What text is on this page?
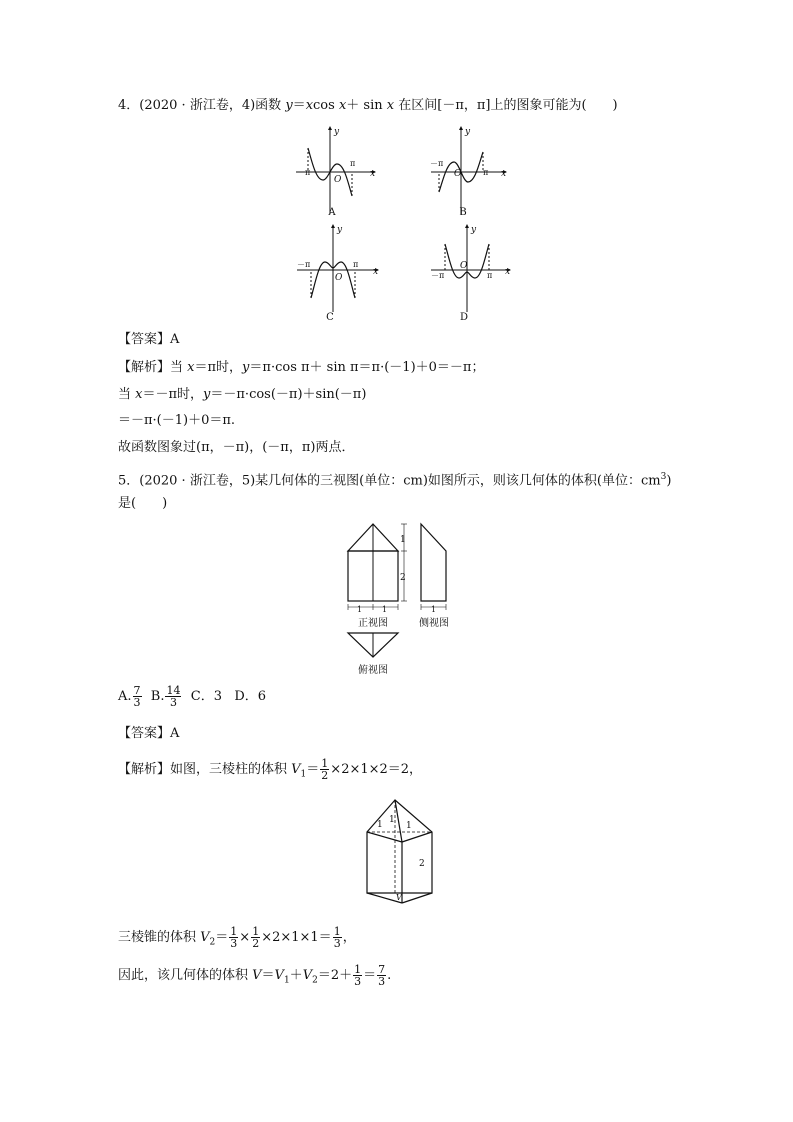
4．(2020 · 浙江卷，4)函数 y＝xcos x＋ sin x 在区间[－π，π]上的图象可能为(　　)
y
x
O
－π
π
y
x
O
－π
π
y
x
O
－π	π
y
x
O
－π	π
A	B
C	D
【答案】A
【解析】当 x＝π时，y＝π·cos π＋ sin π＝π·(－1)＋0＝－π；
当 x＝－π时，y＝－π·cos(－π)＋sin(－π)
＝－π·(－1)＋0＝π.
故函数图象过(π，－π)，(－π，π)两点．
5．(2020 · 浙江卷，5)某几何体的三视图(单位：cm)如图所示，则该几何体的体积(单位：$cm^3$)
是(　　)
1
2
1 1	1
正视图	侧视图
俯视图
A. $\frac{7}{3} B$. $\frac{14}{3}$ C．3 D．6
【答案】A
【解析】如图，三棱柱的体积 $V_1= \frac{1}{2} \times 2\times 1\times 2=2$，
1 1
1
2
V
三棱锥的体积 $V_2= \frac{1}{3} \times \frac{1}{2} \times 2\times 1\times 1= \frac{1}{3}$ ，
因此，该几何体的体积 $V=V_1+V_2=2+ \frac{1}{3} = \frac{7}{3}$ .
